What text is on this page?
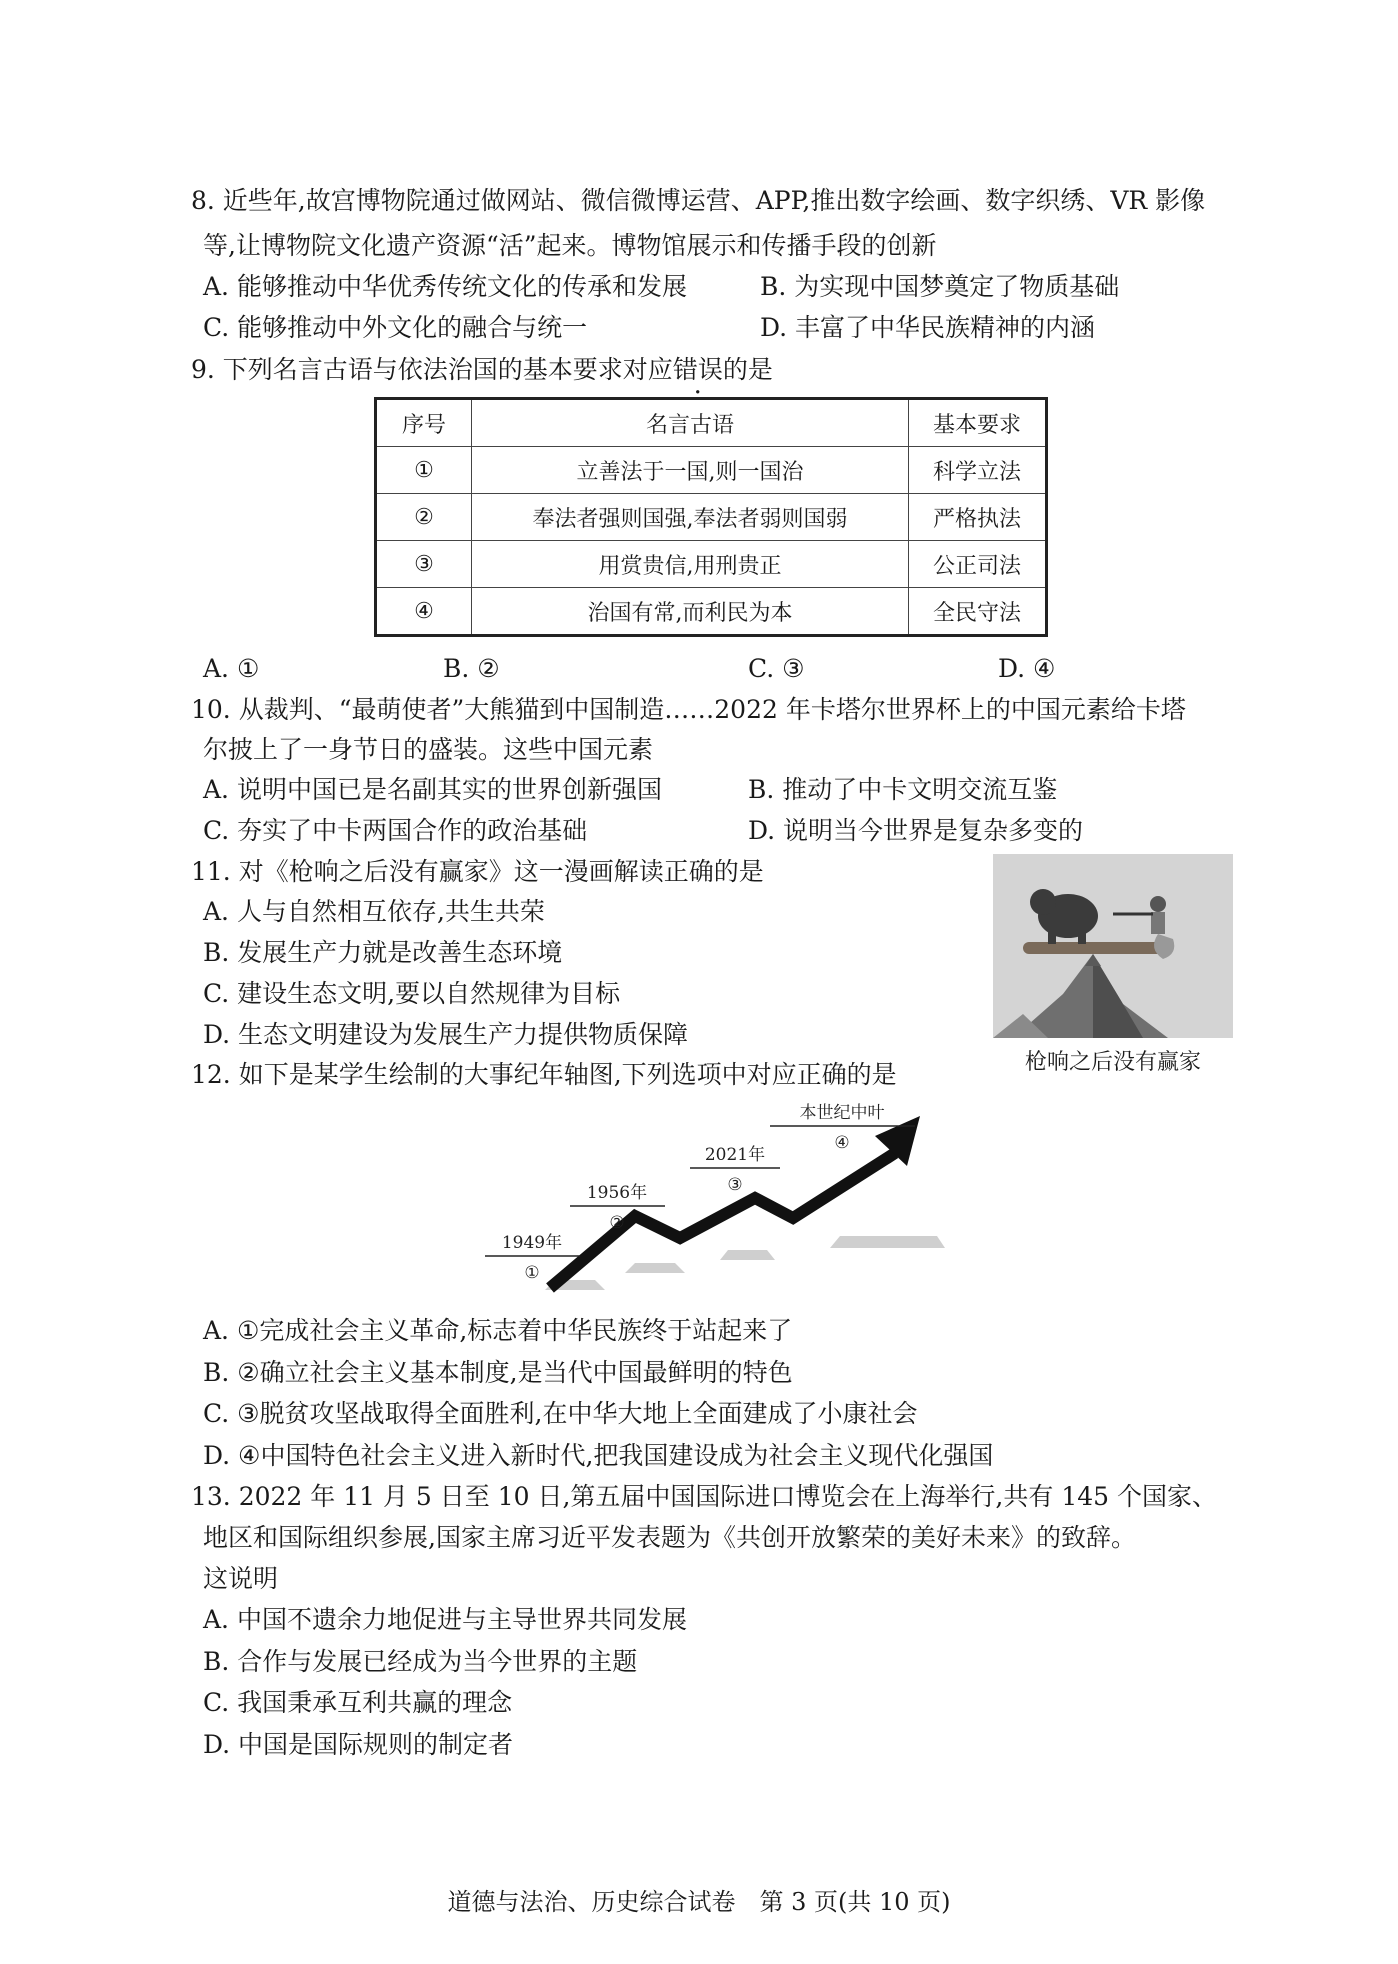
8. 近些年,故宫博物院通过做网站、微信微博运营、APP,推出数字绘画、数字织绣、VR 影像
等,让博物院文化遗产资源“活”起来。博物馆展示和传播手段的创新
A. 能够推动中华优秀传统文化的传承和发展	B. 为实现中国梦奠定了物质基础
C. 能够推动中外文化的融合与统一	D. 丰富了中华民族精神的内涵
9. 下列名言古语与依法治国的基本要求对应错误的是
序号	名言古语	基本要求
①	立善法于一国,则一国治	科学立法
②	奉法者强则国强,奉法者弱则国弱	严格执法
③	用赏贵信,用刑贵正	公正司法
④	治国有常,而利民为本	全民守法
A. ①	B. ②	C. ③	D. ④
10. 从裁判、“最萌使者”大熊猫到中国制造……2022 年卡塔尔世界杯上的中国元素给卡塔
尔披上了一身节日的盛装。这些中国元素
A. 说明中国已是名副其实的世界创新强国	B. 推动了中卡文明交流互鉴
C. 夯实了中卡两国合作的政治基础	D. 说明当今世界是复杂多变的
11. 对《枪响之后没有赢家》这一漫画解读正确的是
A. 人与自然相互依存,共生共荣
B. 发展生产力就是改善生态环境
C. 建设生态文明,要以自然规律为目标
D. 生态文明建设为发展生产力提供物质保障
枪响之后没有赢家
12. 如下是某学生绘制的大事纪年轴图,下列选项中对应正确的是
1949年
①
1956年
②
2021年
③
本世纪中叶
④
A. ①完成社会主义革命,标志着中华民族终于站起来了
B. ②确立社会主义基本制度,是当代中国最鲜明的特色
C. ③脱贫攻坚战取得全面胜利,在中华大地上全面建成了小康社会
D. ④中国特色社会主义进入新时代,把我国建设成为社会主义现代化强国
13. 2022 年 11 月 5 日至 10 日,第五届中国国际进口博览会在上海举行,共有 145 个国家、
地区和国际组织参展,国家主席习近平发表题为《共创开放繁荣的美好未来》的致辞。
这说明
A. 中国不遗余力地促进与主导世界共同发展
B. 合作与发展已经成为当今世界的主题
C. 我国秉承互利共赢的理念
D. 中国是国际规则的制定者
道德与法治、历史综合试卷　第 3 页(共 10 页)
